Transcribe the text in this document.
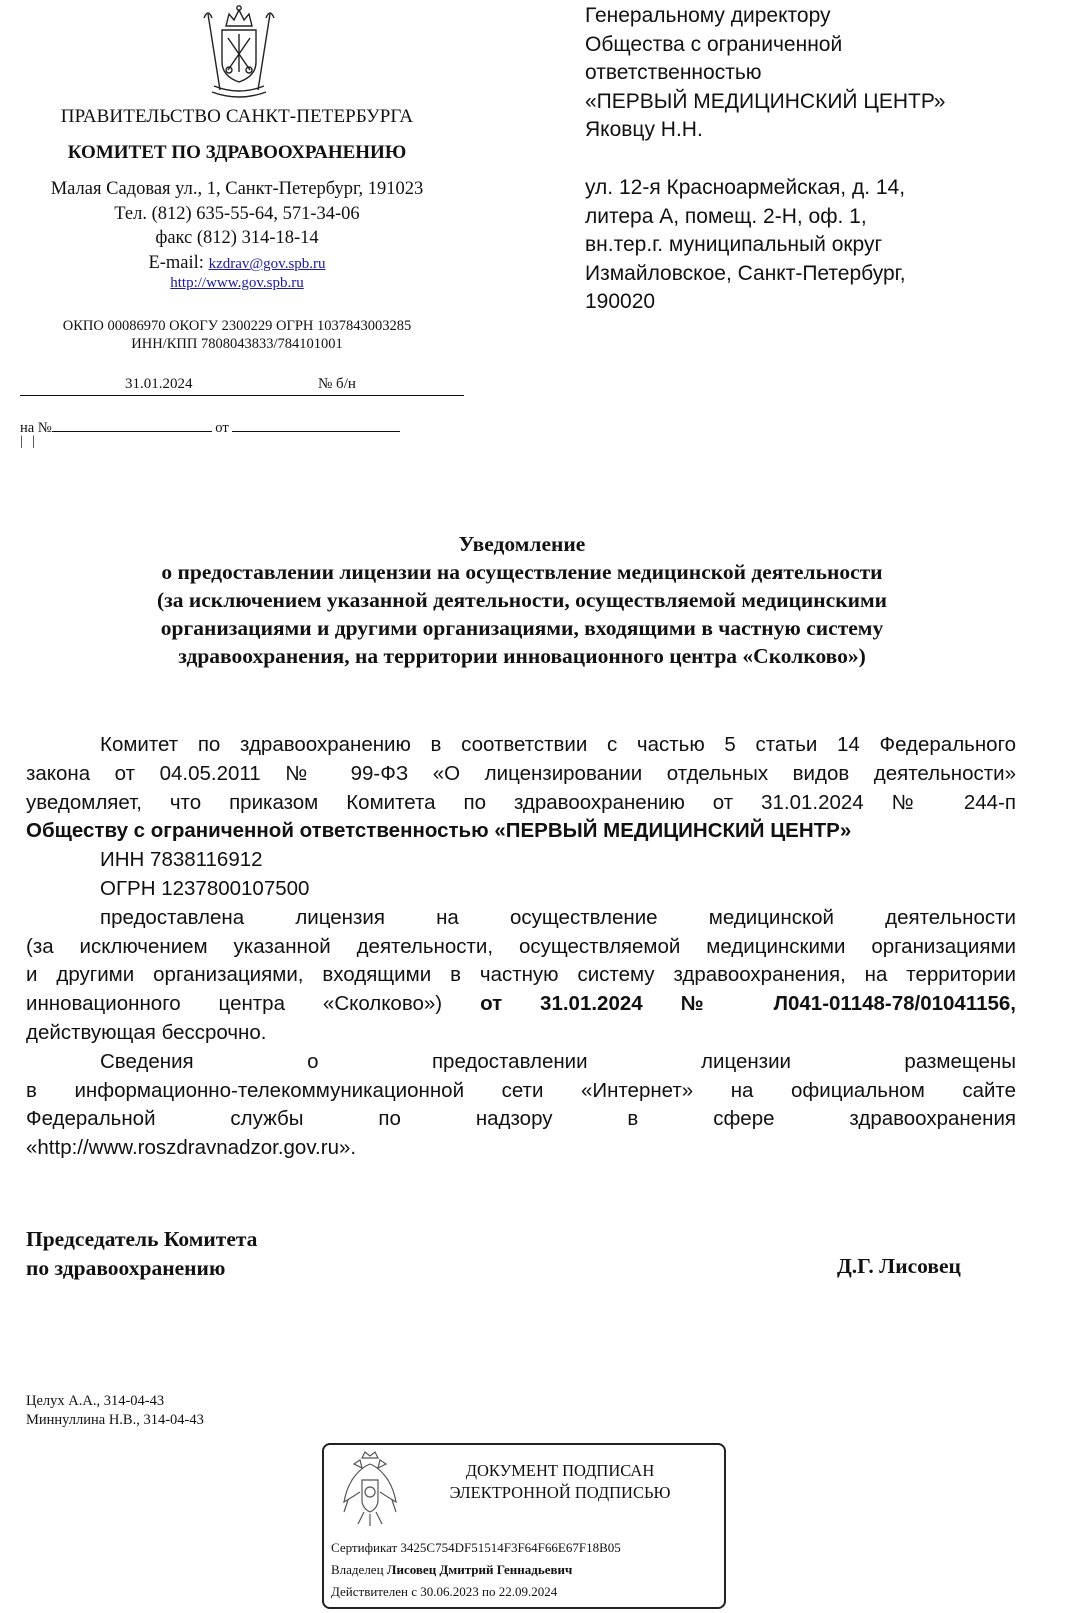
ПРАВИТЕЛЬСТВО САНКТ-ПЕТЕРБУРГА
КОМИТЕТ ПО ЗДРАВООХРАНЕНИЮ
Малая Садовая ул., 1, Санкт-Петербург, 191023
Тел. (812) 635-55-64, 571-34-06
факс (812) 314-18-14
E-mail: kzdrav@gov.spb.ru
http://www.gov.spb.ru
ОКПО 00086970 ОКОГУ 2300229 ОГРН 1037843003285
ИНН/КПП 7808043833/784101001
31.01.2024	№ б/н
на №	от
| |
Генеральному директору
Общества с ограниченной
ответственностью
«ПЕРВЫЙ МЕДИЦИНСКИЙ ЦЕНТР»
Яковцу Н.Н.
ул. 12-я Красноармейская, д. 14,
литера А, помещ. 2-Н, оф. 1,
вн.тер.г. муниципальный округ
Измайловское, Санкт-Петербург,
190020
Уведомление
о предоставлении лицензии на осуществление медицинской деятельности
(за исключением указанной деятельности, осуществляемой медицинскими
организациями и другими организациями, входящими в частную систему
здравоохранения, на территории инновационного центра «Сколково»)

Комитет по здравоохранению в соответствии с частью 5 статьи 14 Федерального

закона от 04.05.2011 № 99-ФЗ «О лицензировании отдельных видов деятельности»

уведомляет, что приказом Комитета по здравоохранению от 31.01.2024 № 244-п

Обществу с ограниченной ответственностью «ПЕРВЫЙ МЕДИЦИНСКИЙ ЦЕНТР»

ИНН 7838116912

ОГРН 1237800107500

предоставлена лицензия на осуществление медицинской деятельности

(за исключением указанной деятельности, осуществляемой медицинскими организациями

и другими организациями, входящими в частную систему здравоохранения, на территории

инновационного центра «Сколково») от 31.01.2024 № Л041-01148-78/01041156,

действующая бессрочно.

Сведения о предоставлении лицензии размещены

в информационно-телекоммуникационной сети «Интернет» на официальном сайте

Федеральной службы по надзору в сфере здравоохранения

«http://www.roszdravnadzor.gov.ru».

Председатель Комитета
по здравоохранению	Д.Г. Лисовец
Целух А.А., 314-04-43
Миннуллина Н.В., 314-04-43
ДОКУМЕНТ ПОДПИСАН
ЭЛЕКТРОННОЙ ПОДПИСЬЮ
Сертификат 3425C754DF51514F3F64F66E67F18B05
Владелец Лисовец Дмитрий Геннадьевич
Действителен с 30.06.2023 по 22.09.2024
